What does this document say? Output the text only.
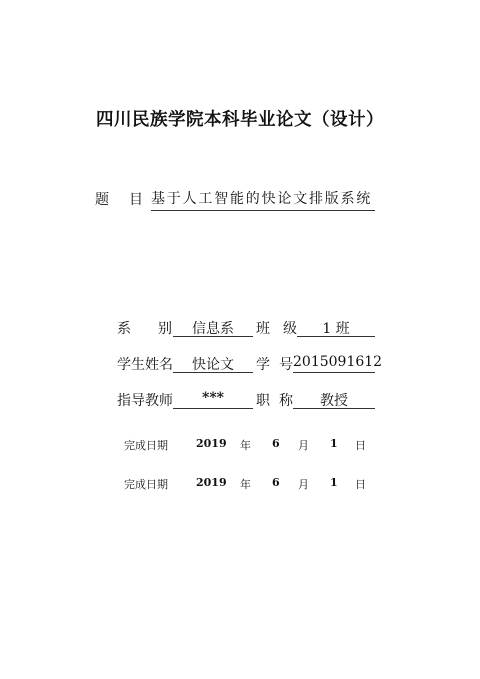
四川民族学院本科毕业论文（设计）
题 目 基于人工智能的快论文排版系统
系 别	信息系	班 级	1 班
学生姓名	快论文	学 号 2015091612
指导教师	***	职 称	教授
完成日期	2019 年 6 月 1 日
完成日期	2019 年 6 月 1 日
